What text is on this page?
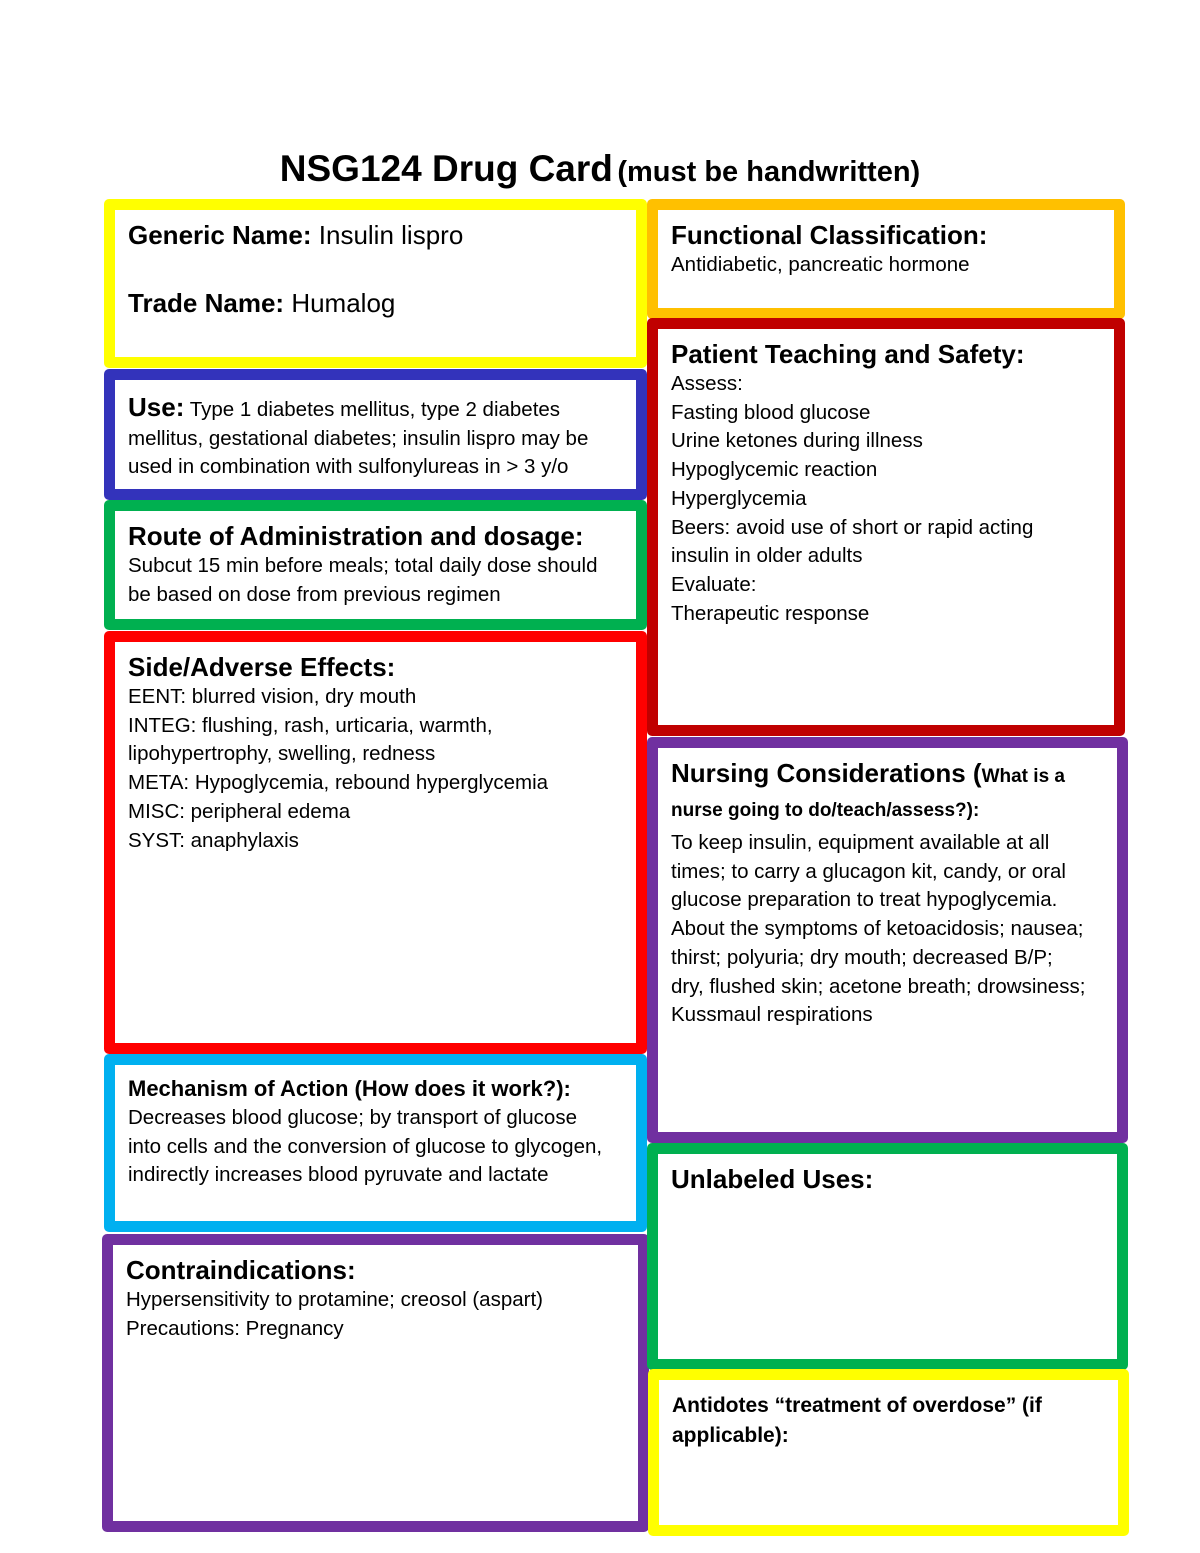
NSG124 Drug Card (must be handwritten)
Generic Name: Insulin lispro
Trade Name: Humalog
Use: Type 1 diabetes mellitus, type 2 diabetes
mellitus, gestational diabetes; insulin lispro may be
used in combination with sulfonylureas in > 3 y/o
Route of Administration and dosage:
Subcut 15 min before meals; total daily dose should
be based on dose from previous regimen
Side/Adverse Effects:
EENT: blurred vision, dry mouth
INTEG: flushing, rash, urticaria, warmth,
lipohypertrophy, swelling, redness
META: Hypoglycemia, rebound hyperglycemia
MISC: peripheral edema
SYST: anaphylaxis
Mechanism of Action (How does it work?):
Decreases blood glucose; by transport of glucose
into cells and the conversion of glucose to glycogen,
indirectly increases blood pyruvate and lactate
Contraindications:
Hypersensitivity to protamine; creosol (aspart)
Precautions: Pregnancy
Functional Classification:
Antidiabetic, pancreatic hormone
Patient Teaching and Safety:
Assess:
Fasting blood glucose
Urine ketones during illness
Hypoglycemic reaction
Hyperglycemia
Beers: avoid use of short or rapid acting
insulin in older adults
Evaluate:
Therapeutic response
Nursing Considerations (What is a
nurse going to do/teach/assess?):
To keep insulin, equipment available at all
times; to carry a glucagon kit, candy, or oral
glucose preparation to treat hypoglycemia.
About the symptoms of ketoacidosis; nausea;
thirst; polyuria; dry mouth; decreased B/P;
dry, flushed skin; acetone breath; drowsiness;
Kussmaul respirations
Unlabeled Uses:
Antidotes “treatment of overdose” (if
applicable):
